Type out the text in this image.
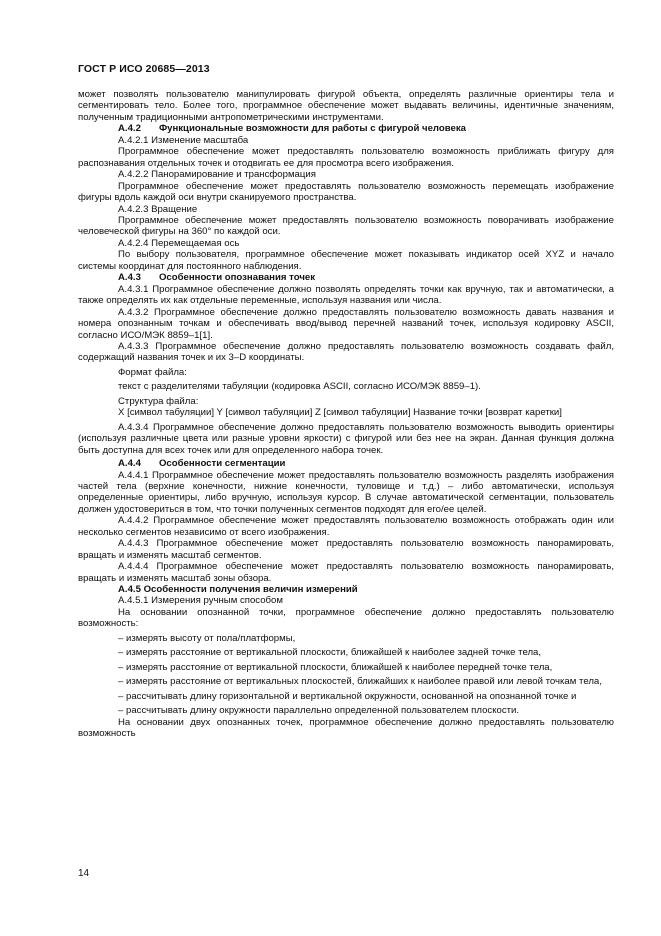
ГОСТ Р ИСО 20685—2013

может позволять пользователю манипулировать фигурой объекта, определять различные ориентиры тела и сегментировать тело. Более того, программное обеспечение может выдавать величины, идентичные значениям, полученным традиционными антропометрическими инструментами.

А.4.2 Функциональные возможности для работы с фигурой человека

А.4.2.1 Изменение масштаба

Программное обеспечение может предоставлять пользователю возможность приближать фигуру для распознавания отдельных точек и отодвигать ее для просмотра всего изображения.

А.4.2.2 Панорамирование и трансформация

Программное обеспечение может предоставлять пользователю возможность перемещать изображение фигуры вдоль каждой оси внутри сканируемого пространства.

А.4.2.3 Вращение

Программное обеспечение может предоставлять пользователю возможность поворачивать изображение человеческой фигуры на 360° по каждой оси.

А.4.2.4 Перемещаемая ось

По выбору пользователя, программное обеспечение может показывать индикатор осей XYZ и начало системы координат для постоянного наблюдения.

А.4.3 Особенности опознавания точек

А.4.3.1 Программное обеспечение должно позволять определять точки как вручную, так и автоматически, а также определять их как отдельные переменные, используя названия или числа.

А.4.3.2 Программное обеспечение должно предоставлять пользователю возможность давать названия и номера опознанным точкам и обеспечивать ввод/вывод перечней названий точек, используя кодировку ASCII, согласно ИСО/МЭК 8859–1[1].

А.4.3.3 Программное обеспечение должно предоставлять пользователю возможность создавать файл, содержащий названия точек и их 3–D координаты.

Формат файла:

текст с разделителями табуляции (кодировка ASCII, согласно ИСО/МЭК 8859–1).

Структура файла:

X [символ табуляции] Y [символ табуляции] Z [символ табуляции] Название точки [возврат каретки]

А.4.3.4 Программное обеспечение должно предоставлять пользователю возможность выводить ориентиры (используя различные цвета или разные уровни яркости) с фигурой или без нее на экран. Данная функция должна быть доступна для всех точек или для определенного набора точек.

А.4.4 Особенности сегментации

А.4.4.1 Программное обеспечение может предоставлять пользователю возможность разделять изображения частей тела (верхние конечности, нижние конечности, туловище и т.д.) – либо автоматически, используя определенные ориентиры, либо вручную, используя курсор. В случае автоматической сегментации, пользователь должен удостовериться в том, что точки полученных сегментов подходят для его/ее целей.

А.4.4.2 Программное обеспечение может предоставлять пользователю возможность отображать один или несколько сегментов независимо от всего изображения.

А.4.4.3 Программное обеспечение может предоставлять пользователю возможность панорамировать, вращать и изменять масштаб сегментов.

А.4.4.4 Программное обеспечение может предоставлять пользователю возможность панорамировать, вращать и изменять масштаб зоны обзора.

А.4.5 Особенности получения величин измерений

А.4.5.1 Измерения ручным способом

На основании опознанной точки, программное обеспечение должно предоставлять пользователю возможность:

– измерять высоту от пола/платформы,

– измерять расстояние от вертикальной плоскости, ближайшей к наиболее задней точке тела,

– измерять расстояние от вертикальной плоскости, ближайшей к наиболее передней точке тела,

– измерять расстояние от вертикальных плоскостей, ближайших к наиболее правой или левой точкам тела,

– рассчитывать длину горизонтальной и вертикальной окружности, основанной на опознанной точке и

– рассчитывать длину окружности параллельно определенной пользователем плоскости.

На основании двух опознанных точек, программное обеспечение должно предоставлять пользователю возможность

14
